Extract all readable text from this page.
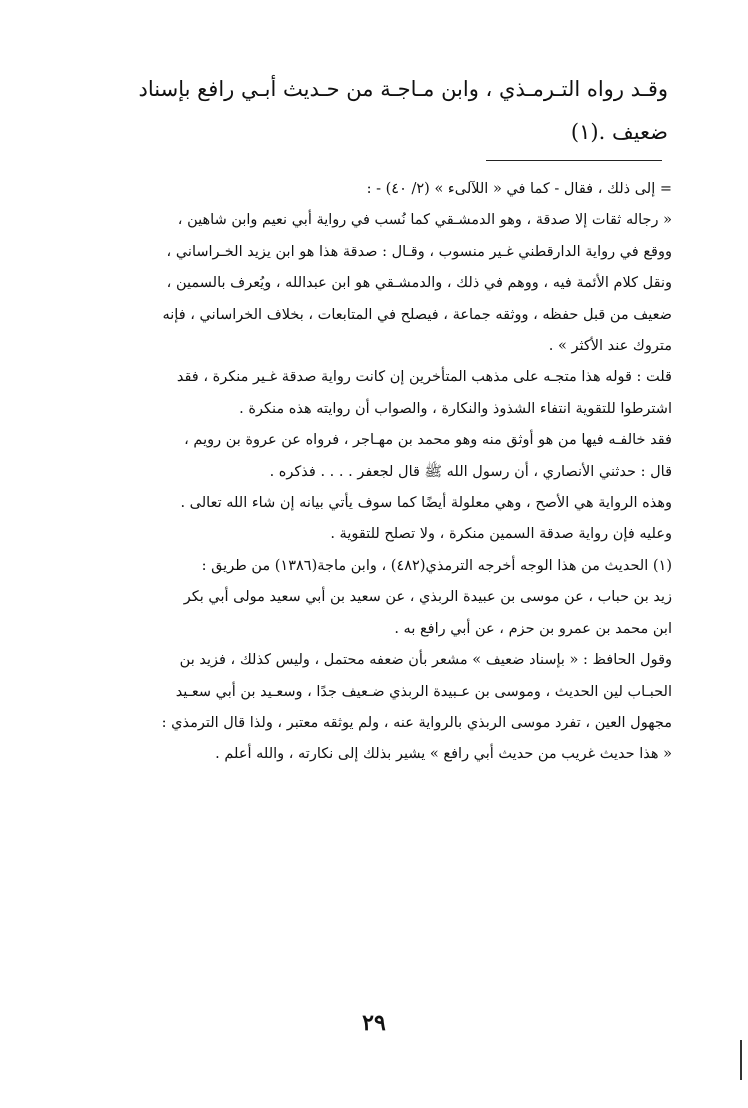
وقـد رواه التـرمـذي ، وابن مـاجـة من حـديث أبـي رافع بإسناد

ضعيف .(١)

= إلى ذلك ، فقال - كما في « اللآلىء » (٢/ ٤٠) - :
« رجاله ثقات إلا صدقة ، وهو الدمشـقي كما نُسب في رواية أبي نعيم وابن شاهين ،
ووقع في رواية الدارقطني غـير منسوب ، وقـال : صدقة هذا هو ابن يزيد الخـراساني ،
ونقل كلام الأئمة فيه ، ووهم في ذلك ، والدمشـقي هو ابن عبدالله ، ويُعرف بالسمين ،
ضعيف من قبل حفظه ، ووثقه جماعة ، فيصلح في المتابعات ، بخلاف الخراساني ، فإنه
متروك عند الأكثر » .
قلت : قوله هذا متجـه على مذهب المتأخرين إن كانت رواية صدقة غـير منكرة ، فقد
اشترطوا للتقوية انتفاء الشذوذ والنكارة ، والصواب أن روايته هذه منكرة .
فقد خالفـه فيها من هو أوثق منه وهو محمد بن مهـاجر ، فرواه عن عروة بن رويم ،
قال : حدثني الأنصاري ، أن رسول الله ﷺ قال لجعفر . . . . فذكره .
وهذه الرواية هي الأصح ، وهي معلولة أيضًا كما سوف يأتي بيانه إن شاء الله تعالى .
وعليه فإن رواية صدقة السمين منكرة ، ولا تصلح للتقوية .
(١) الحديث من هذا الوجه أخرجه الترمذي(٤٨٢) ، وابن ماجة(١٣٨٦) من طريق :
زيد بن حباب ، عن موسى بن عبيدة الربذي ، عن سعيد بن أبي سعيد مولى أبي بكر
ابن محمد بن عمرو بن حزم ، عن أبي رافع به .
وقول الحافظ : « بإسناد ضعيف » مشعر بأن ضعفه محتمل ، وليس كذلك ، فزيد بن
الحبـاب لين الحديث ، وموسى بن عـبيدة الربذي ضـعيف جدًا ، وسعـيد بن أبي سعـيد
مجهول العين ، تفرد موسى الربذي بالرواية عنه ، ولم يوثقه معتبر ، ولذا قال الترمذي :
« هذا حديث غريب من حديث أبي رافع » يشير بذلك إلى نكارته ، والله أعلم .
٢٩
